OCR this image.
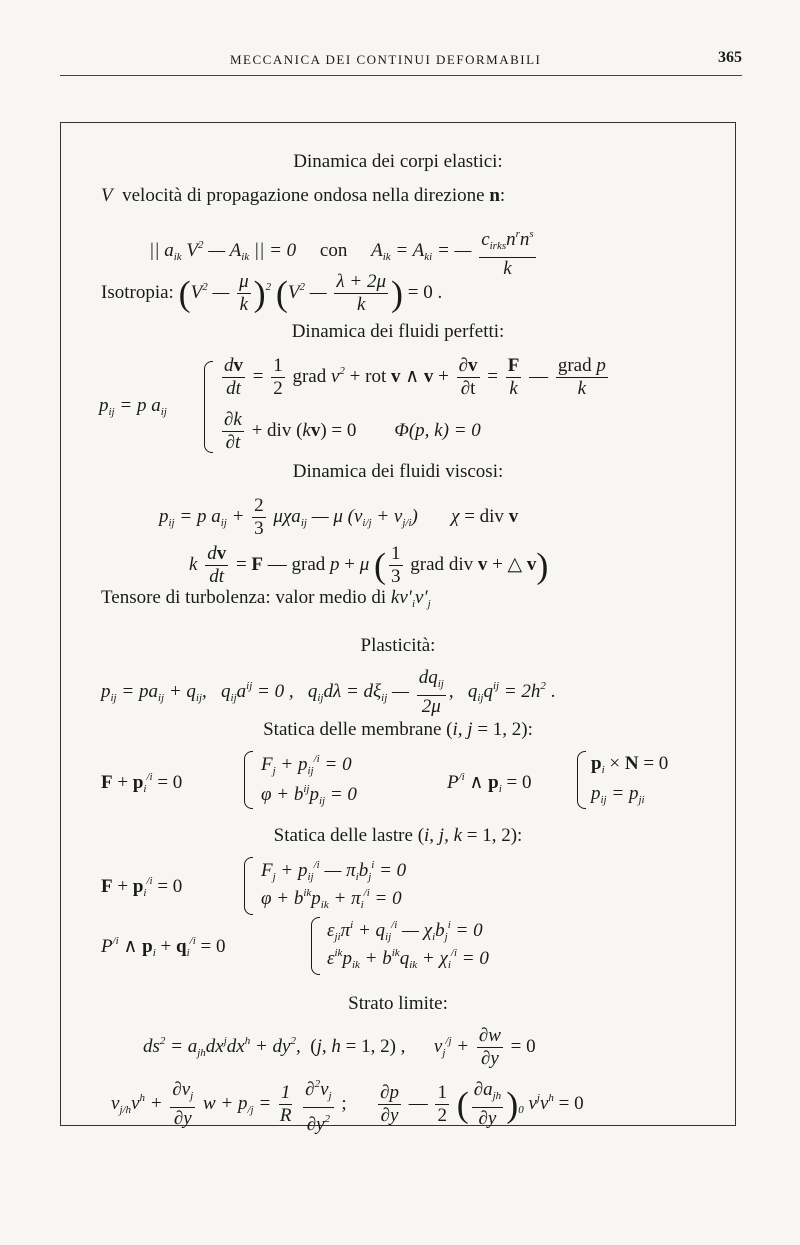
MECCANICA DEI CONTINUI DEFORMABILI	365
Dinamica dei corpi elastici:
V velocità di propagazione ondosa nella direzione n:
|| $a_{ik}$ $V^2$ — $A_{ik}$ || = 0 con $A_{ik} = A_{ki}$ = — $\frac{c_{irks}n^rn^s}{k}$
Isotropia: ($V^2$ — $\frac{\mu}{k} )^2$ ($V^2$ — $\frac{\lambda + 2\mu}{k}$ ) = 0 .
Dinamica dei fluidi perfetti:
$p_{ij} = p$ $a_{ij}$
$\frac{dv}{dt} = \frac{1}{2}$ grad $v^2$ + rot v ∧ $v + \frac{\partial v}{\partial t} = \frac{F}{k}$ — $\frac{\text{grad p}}{k}$
$\frac{\partial k}{\partial t}$ + div (kv) = 0        Φ(p, k) = 0
Dinamica dei fluidi viscosi:
$p_{ij} = p$ $a_{ij} + \frac{2}{3} \mu\chi a_{ij}$ — μ $(v_{i/j} + v_{j/i}) \chi$ = div v
k $\frac{dv}{dt} = F$ — grad p + μ ( $\frac{1}{3}$ grad div v + △ v)
Tensore di turbolenza: valor medio di $kv'_iv'_j$
Plasticità:
$p_{ij} = pa_{ij} + q_{ij}$,   $q_{ij}a^{ij} = 0$ ,   $q_{ij}d\lambda = d\xi_{ij}$ — $\frac{dq_{ij}}{2\mu}$ ,   $q_{ij}q^{ij} = 2h^2$ .
Statica delle membrane (i, j = 1, 2):
$F + p_i^{/i} = 0$
$F_j + p_{ij}^{/i} = 0$
$\varphi + b^{ij}p_{ij} = 0$
$P^{/i}$ ∧ $p_i = 0$
$p_i \times N = 0$
$p_{ij} = p_{ji}$
Statica delle lastre (i, j, k = 1, 2):
$F + p_i^{/i} = 0$
$F_j + p_{ij}^{/i}$ — $\pi_ib_j^i = 0$
$\varphi + b^{ik}p_{ik} + \pi_i^{/i} = 0$
$P^{/i}$ ∧ $p_i + q_i^{/i} = 0$
$\varepsilon_{ji}\pi^i + q_{ij}^{/i}$ — $\chi_ib_j^i = 0$
$\varepsilon^{ik}p_{ik} + b^{ik}q_{ik} + \chi_i^{/i} = 0$
Strato limite:
$ds^2 = a_{jh}dx^jdx^h + dy^2$,  (j, h = 1, 2) ,      $v_j^{/j} + \frac{\partial w}{\partial y} = 0$
$v_{j/h}v^h + \frac{\partial v_j}{\partial y}$ $w + p_{/j} = \frac{1}{R}$
$\frac{\partial^2v_j}{\partial y^2}$ ; $\frac{\partial p}{\partial y}$ — $\frac{1}{2}$ ( $\frac{\partial a_{jh}}{\partial y} )_0$ $v^jv^h = 0$
